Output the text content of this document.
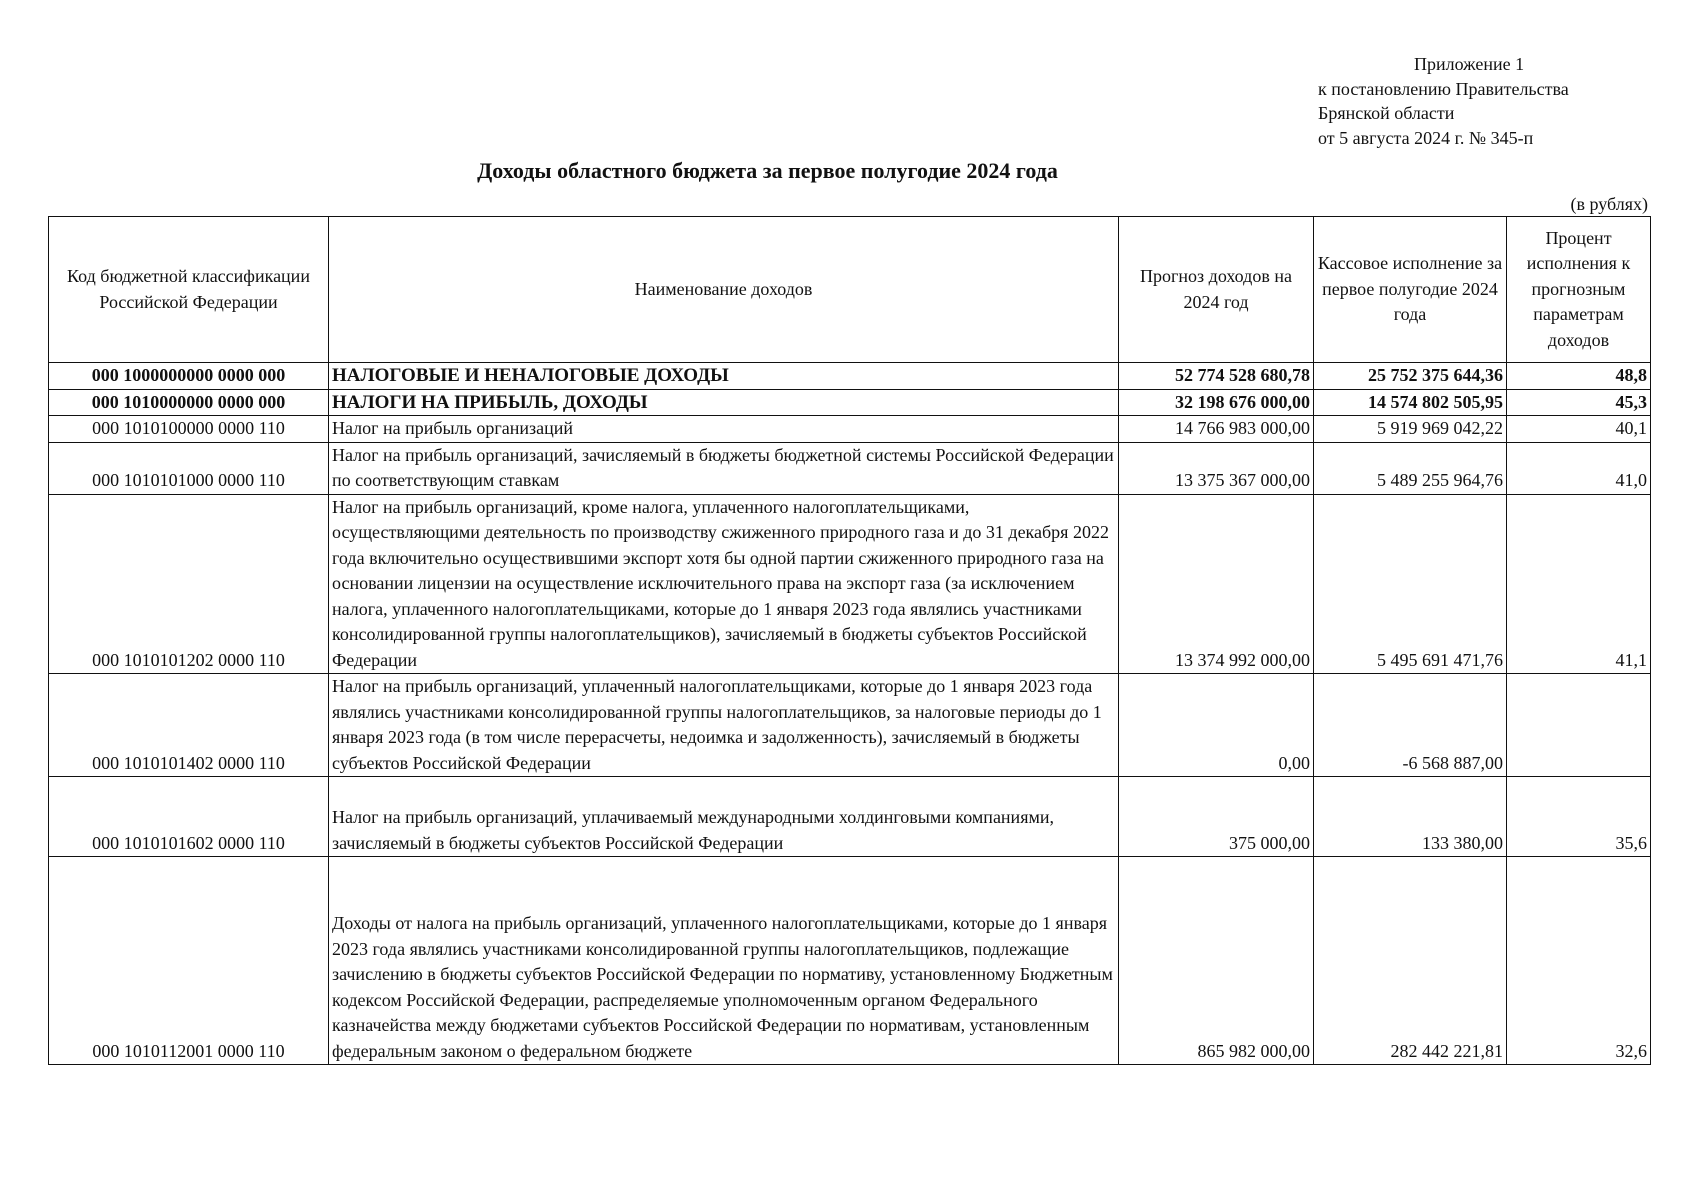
Приложение 1
к постановлению Правительства
Брянской области
от 5 августа 2024 г. № 345-п
Доходы областного бюджета за первое полугодие 2024 года
(в рублях)
Код бюджетной классификации Российской Федерации	Наименование доходов	Прогноз доходов на 2024 год	Кассовое исполнение за первое полугодие 2024 года	Процент исполнения к прогнозным параметрам доходов
000 1000000000 0000 000	НАЛОГОВЫЕ И НЕНАЛОГОВЫЕ ДОХОДЫ	52 774 528 680,78	25 752 375 644,36	48,8
000 1010000000 0000 000	НАЛОГИ НА ПРИБЫЛЬ, ДОХОДЫ	32 198 676 000,00	14 574 802 505,95	45,3
000 1010100000 0000 110	Налог на прибыль организаций	14 766 983 000,00	5 919 969 042,22	40,1
000 1010101000 0000 110	Налог на прибыль организаций, зачисляемый в бюджеты бюджетной системы Российской Федерации по соответствующим ставкам	13 375 367 000,00	5 489 255 964,76	41,0
000 1010101202 0000 110	Налог на прибыль организаций, кроме налога, уплаченного налогоплательщиками, осуществляющими деятельность по производству сжиженного природного газа и до 31 декабря 2022 года включительно осуществившими экспорт хотя бы одной партии сжиженного природного газа на основании лицензии на осуществление исключительного права на экспорт газа (за исключением налога, уплаченного налогоплательщиками, которые до 1 января 2023 года являлись участниками консолидированной группы налогоплательщиков), зачисляемый в бюджеты субъектов Российской Федерации	13 374 992 000,00	5 495 691 471,76	41,1
000 1010101402 0000 110	Налог на прибыль организаций, уплаченный налогоплательщиками, которые до 1 января 2023 года являлись участниками консолидированной группы налогоплательщиков, за налоговые периоды до 1 января 2023 года (в том числе перерасчеты, недоимка и задолженность), зачисляемый в бюджеты субъектов Российской Федерации	0,00	-6 568 887,00	
000 1010101602 0000 110	Налог на прибыль организаций, уплачиваемый международными холдинговыми компаниями, зачисляемый в бюджеты субъектов Российской Федерации	375 000,00	133 380,00	35,6
000 1010112001 0000 110	Доходы от налога на прибыль организаций, уплаченного налогоплательщиками, которые до 1 января 2023 года являлись участниками консолидированной группы налогоплательщиков, подлежащие зачислению в бюджеты субъектов Российской Федерации по нормативу, установленному Бюджетным кодексом Российской Федерации, распределяемые уполномоченным органом Федерального казначейства между бюджетами субъектов Российской Федерации по нормативам, установленным федеральным законом о федеральном бюджете	865 982 000,00	282 442 221,81	32,6
